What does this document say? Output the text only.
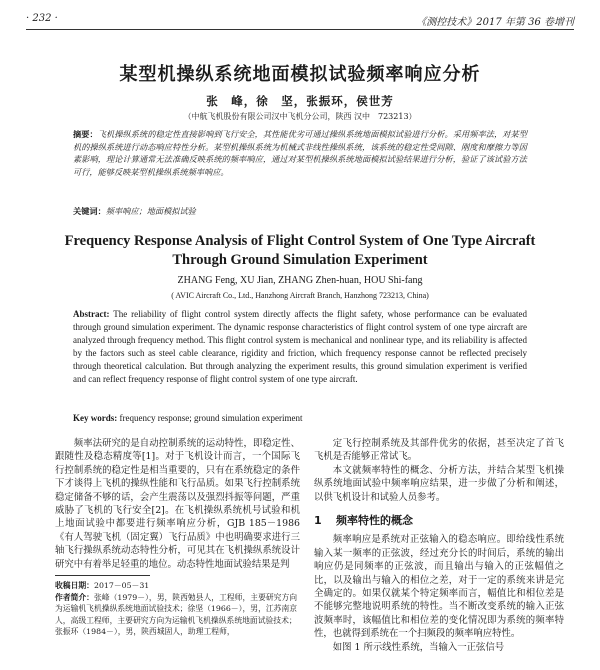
· 232 ·	《测控技术》2017 年第 36 卷增刊
某型机操纵系统地面模拟试验频率响应分析
张　峰，徐　坚，张振环，侯世芳
（中航飞机股份有限公司汉中飞机分公司，陕西 汉中　723213）
摘要：飞机操纵系统的稳定性直接影响到飞行安全，其性能优劣可通过操纵系统地面模拟试验进行分析。采用频率法，对某型机的操纵系统进行动态响应特性分析。某型机操纵系统为机械式非线性操纵系统，该系统的稳定性受间隙、刚度和摩擦力等因素影响，理论计算通常无法准确反映系统的频率响应，通过对某型机操纵系统地面模拟试验结果进行分析，验证了该试验方法可行，能够反映某型机操纵系统频率响应。
关键词：频率响应；地面模拟试验
Frequency Response Analysis of Flight Control System of One Type Aircraft Through Ground Simulation Experiment
ZHANG Feng, XU Jian, ZHANG Zhen-huan, HOU Shi-fang
( AVIC Aircraft Co., Ltd., Hanzhong Aircraft Branch, Hanzhong 723213, China)
Abstract: The reliability of flight control system directly affects the flight safety, whose performance can be evaluated through ground simulation experiment. The dynamic response characteristics of flight control system of one type aircraft are analyzed through frequency method. This flight control system is mechanical and nonlinear type, and its reliability is affected by the factors such as steel cable clearance, rigidity and friction, which frequency response cannot be reflected precisely through theoretical calculation. But through analyzing the experiment results, this ground simulation experiment is verified and can reflect frequency response of flight control system of one type aircraft.
Key words: frequency response; ground simulation experiment

频率法研究的是自动控制系统的运动特性，即稳定性、跟随性及稳态精度等[1]。对于飞机设计而言，一个国际飞行控制系统的稳定性是相当重要的，只有在系统稳定的条件下才谈得上飞机的操纵性能和飞行品质。如果飞行控制系统稳定储备不够的话，会产生震荡以及强烈抖振等问题，严重威胁了飞机的飞行安全[2]。在飞机操纵系统机号试验和机上地面试验中都要进行频率响应分析，GJB 185－1986《有人驾驶飞机（固定翼）飞行品质》中也明确要求进行三轴飞行操纵系统动态特性分析，可见其在飞机操纵系统设计研究中有着举足轻重的地位。动态特性地面试验结果是判

收稿日期：2017－05－31
作者简介：张峰（1979－），男，陕西勉县人，工程师，主要研究方向为运输机飞机操纵系统地面试验技术；徐坚（1966－），男，江苏南京人，高级工程师，主要研究方向为运输机飞机操纵系统地面试验技术；张振环（1984－），男，陕西城固人，助理工程师，

定飞行控制系统及其部件优劣的依据，甚至决定了首飞飞机是否能够正常试飞。

本文就频率特性的概念、分析方法，并结合某型飞机操纵系统地面试验中频率响应结果，进一步做了分析和阐述，以供飞机设计和试验人员参考。

1 频率特性的概念

频率响应是系统对正弦输入的稳态响应。即给线性系统输入某一频率的正弦波，经过充分长的时间后，系统的输出响应仍是同频率的正弦波，而且输出与输入的正弦幅值之比，以及输出与输入的相位之差，对于一定的系统来讲是完全确定的。如果仅就某个特定频率而言，幅值比和相位差是不能够完整地说明系统的特性。当不断改变系统的输入正弦波频率时，该幅值比和相位差的变化情况即为系统的频率特性，也就得到系统在一个扫频段的频率响应特性。

如图 1 所示线性系统，当输入一正弦信号
